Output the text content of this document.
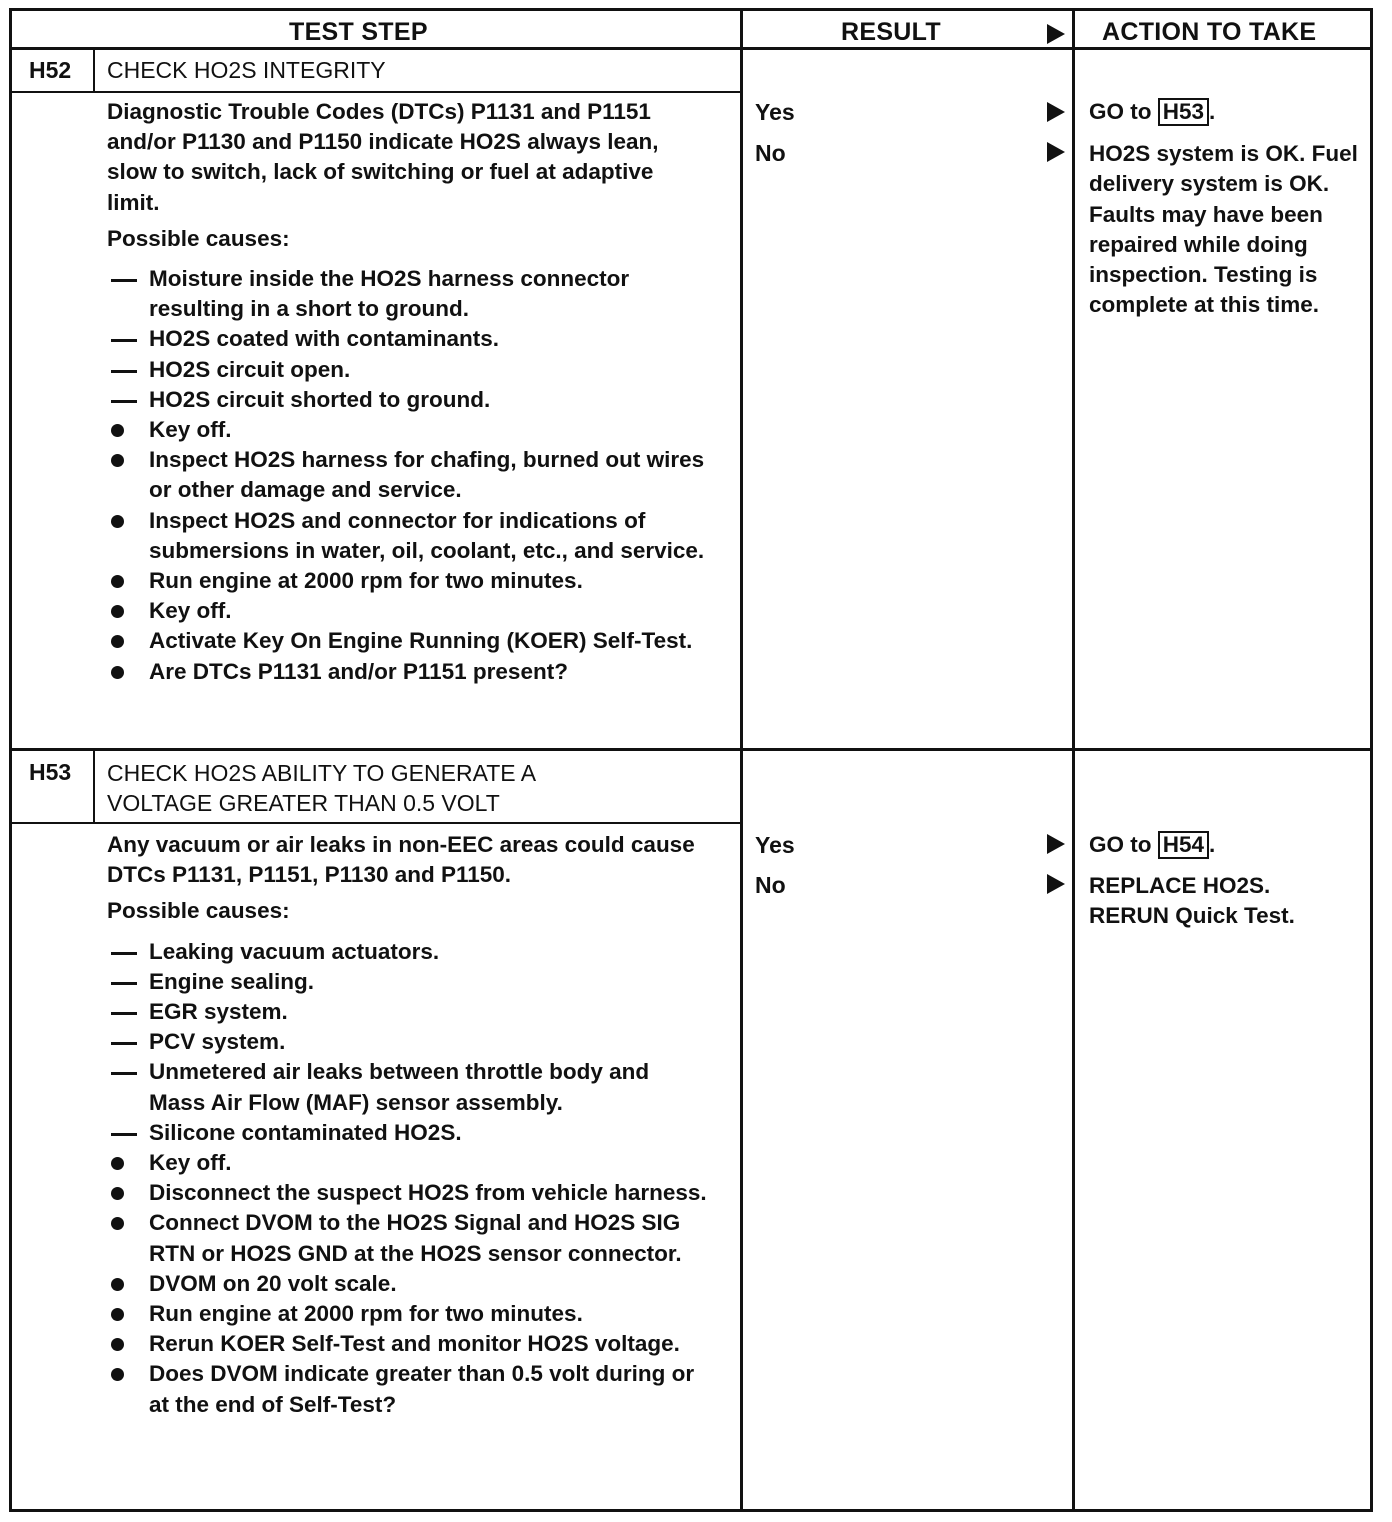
TEST STEP	RESULT	ACTION TO TAKE
H52 CHECK HO2S INTEGRITY

Diagnostic Trouble Codes (DTCs) P1131 and P1151 and/or P1130 and P1150 indicate HO2S always lean, slow to switch, lack of switching or fuel at adaptive limit.

Possible causes:

Moisture inside the HO2S harness connector resulting in a short to ground.
HO2S coated with contaminants.
HO2S circuit open.
HO2S circuit shorted to ground.
Key off.
Inspect HO2S harness for chafing, burned out wires or other damage and service.
Inspect HO2S and connector for indications of submersions in water, oil, coolant, etc., and service.
Run engine at 2000 rpm for two minutes.
Key off.
Activate Key On Engine Running (KOER) Self-Test.
Are DTCs P1131 and/or P1151 present?
Yes
No
GO to H53 .
HO2S system is OK. Fuel delivery system is OK. Faults may have been repaired while doing inspection. Testing is complete at this time.
H53 CHECK HO2S ABILITY TO GENERATE A
VOLTAGE GREATER THAN 0.5 VOLT

Any vacuum or air leaks in non-EEC areas could cause DTCs P1131, P1151, P1130 and P1150.

Possible causes:

Leaking vacuum actuators.
Engine sealing.
EGR system.
PCV system.
Unmetered air leaks between throttle body and Mass Air Flow (MAF) sensor assembly.
Silicone contaminated HO2S.
Key off.
Disconnect the suspect HO2S from vehicle harness.
Connect DVOM to the HO2S Signal and HO2S SIG RTN or HO2S GND at the HO2S sensor connector.
DVOM on 20 volt scale.
Run engine at 2000 rpm for two minutes.
Rerun KOER Self-Test and monitor HO2S voltage.
Does DVOM indicate greater than 0.5 volt during or at the end of Self-Test?
Yes
No
GO to H54 .

REPLACE HO2S.

RERUN Quick Test.
